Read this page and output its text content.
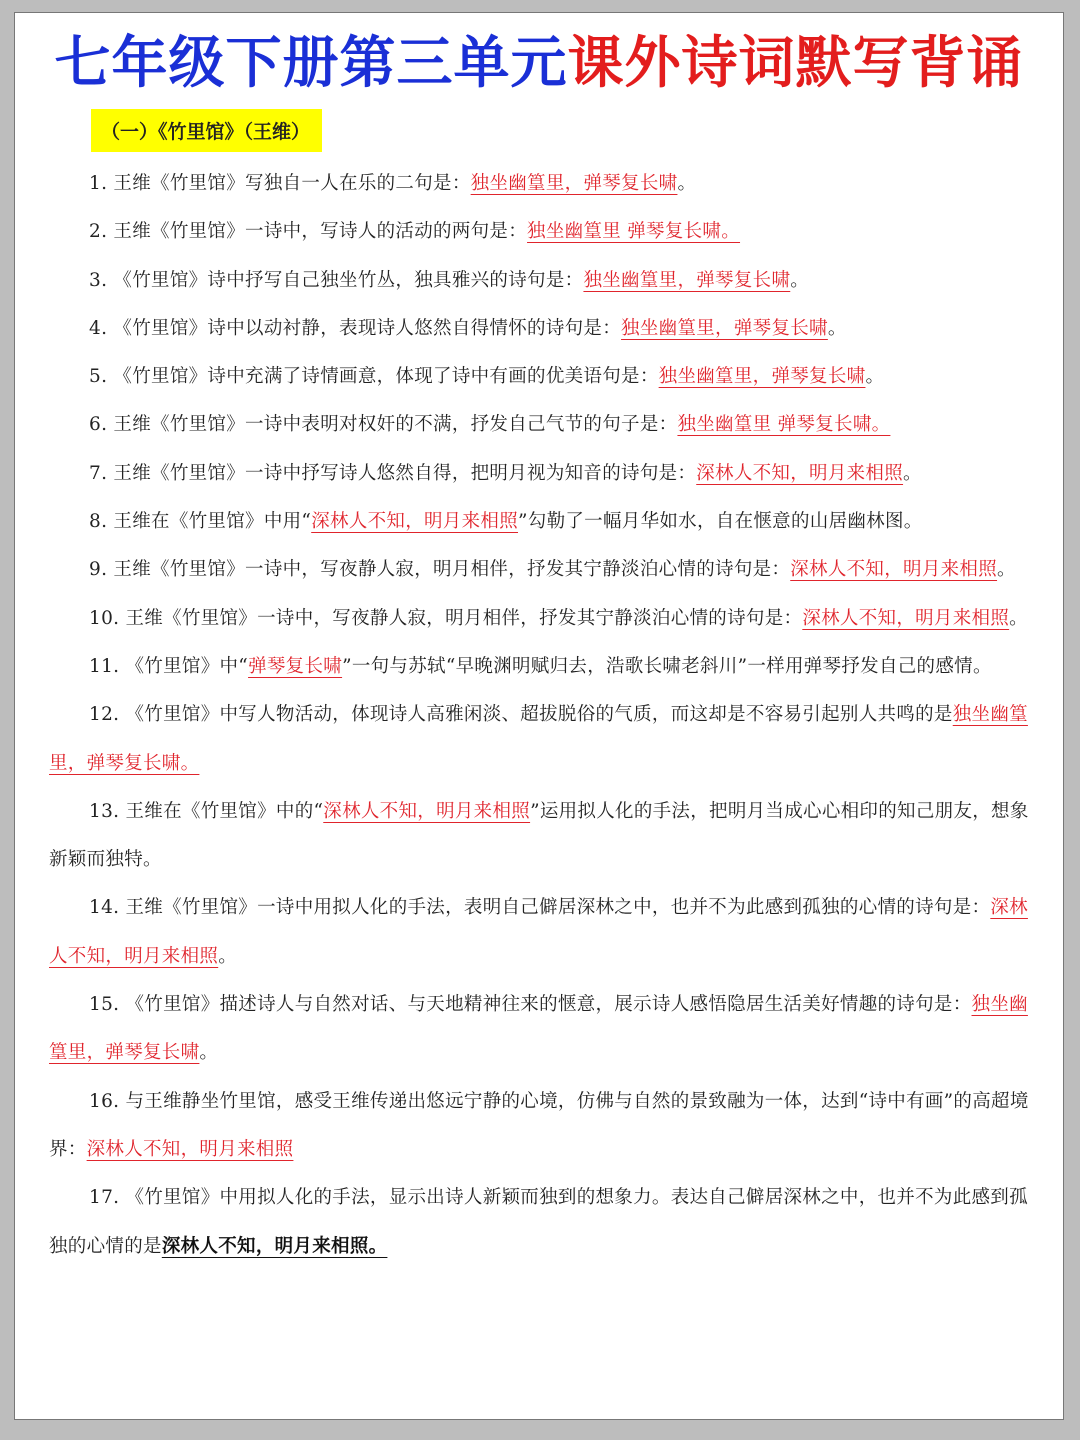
七年级下册第三单元课外诗词默写背诵
（一）《竹里馆》（王维）

1. 王维《竹里馆》写独自一人在乐的二句是：独坐幽篁里，弹琴复长啸。

2. 王维《竹里馆》一诗中，写诗人的活动的两句是：独坐幽篁里 弹琴复长啸。

3. 《竹里馆》诗中抒写自己独坐竹丛，独具雅兴的诗句是：独坐幽篁里，弹琴复长啸。

4. 《竹里馆》诗中以动衬静，表现诗人悠然自得情怀的诗句是：独坐幽篁里，弹琴复长啸。

5. 《竹里馆》诗中充满了诗情画意，体现了诗中有画的优美语句是：独坐幽篁里，弹琴复长啸。

6. 王维《竹里馆》一诗中表明对权奸的不满，抒发自己气节的句子是：独坐幽篁里 弹琴复长啸。

7. 王维《竹里馆》一诗中抒写诗人悠然自得，把明月视为知音的诗句是：深林人不知，明月来相照。

8. 王维在《竹里馆》中用“深林人不知，明月来相照”勾勒了一幅月华如水，自在惬意的山居幽林图。

9. 王维《竹里馆》一诗中，写夜静人寂，明月相伴，抒发其宁静淡泊心情的诗句是：深林人不知，明月来相照。

10. 王维《竹里馆》一诗中，写夜静人寂，明月相伴，抒发其宁静淡泊心情的诗句是：深林人不知，明月来相照。

11. 《竹里馆》中“弹琴复长啸”一句与苏轼“早晚渊明赋归去，浩歌长啸老斜川”一样用弹琴抒发自己的感情。

12. 《竹里馆》中写人物活动，体现诗人高雅闲淡、超拔脱俗的气质，而这却是不容易引起别人共鸣的是独坐幽篁里，弹琴复长啸。

13. 王维在《竹里馆》中的“深林人不知，明月来相照”运用拟人化的手法，把明月当成心心相印的知己朋友，想象新颖而独特。

14. 王维《竹里馆》一诗中用拟人化的手法，表明自己僻居深林之中，也并不为此感到孤独的心情的诗句是：深林人不知，明月来相照。

15. 《竹里馆》描述诗人与自然对话、与天地精神往来的惬意，展示诗人感悟隐居生活美好情趣的诗句是：独坐幽篁里，弹琴复长啸。

16. 与王维静坐竹里馆，感受王维传递出悠远宁静的心境，仿佛与自然的景致融为一体，达到“诗中有画”的高超境界：深林人不知，明月来相照

17. 《竹里馆》中用拟人化的手法，显示出诗人新颖而独到的想象力。表达自己僻居深林之中，也并不为此感到孤独的心情的是深林人不知，明月来相照。
